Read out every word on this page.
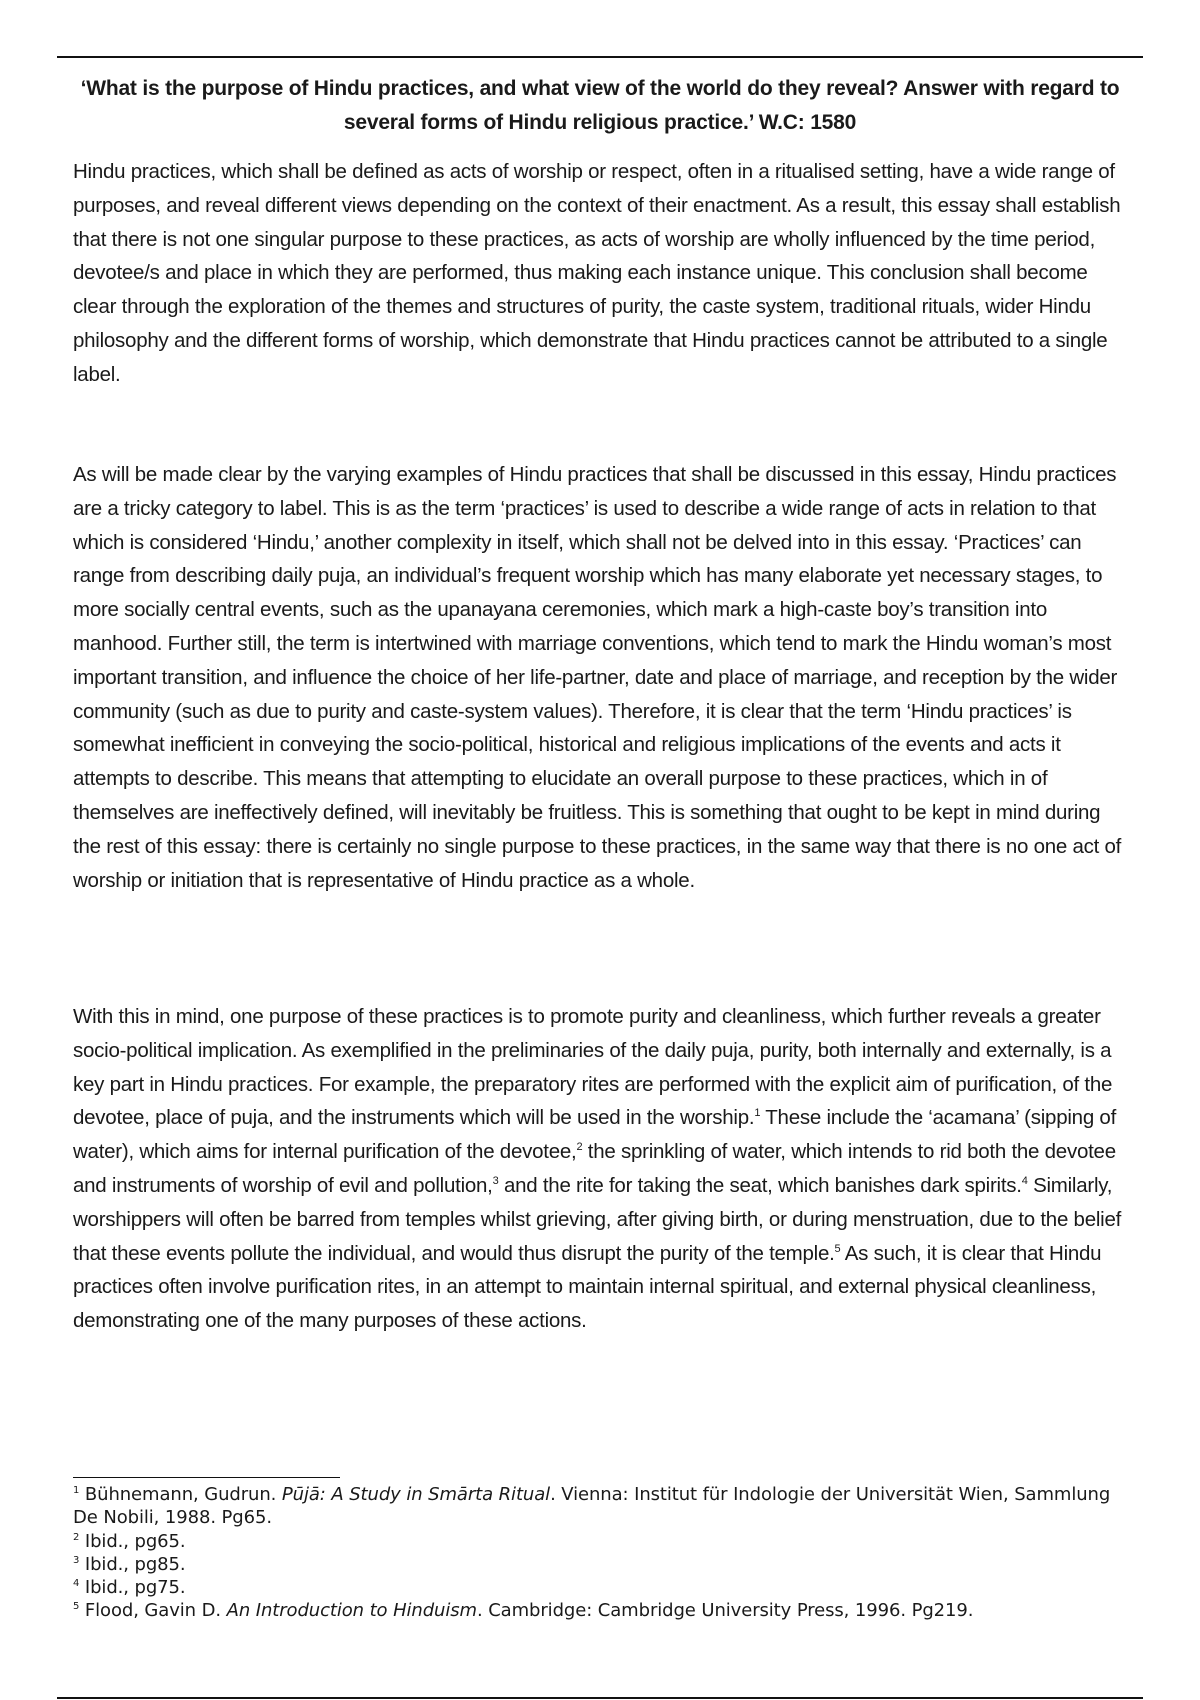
‘What is the purpose of Hindu practices, and what view of the world do they reveal? Answer with regard to several forms of Hindu religious practice.’ W.C: 1580

Hindu practices, which shall be defined as acts of worship or respect, often in a ritualised setting, have a wide range of purposes, and reveal different views depending on the context of their enactment. As a result, this essay shall establish that there is not one singular purpose to these practices, as acts of worship are wholly influenced by the time period, devotee/s and place in which they are performed, thus making each instance unique. This conclusion shall become clear through the exploration of the themes and structures of purity, the caste system, traditional rituals, wider Hindu philosophy and the different forms of worship, which demonstrate that Hindu practices cannot be attributed to a single label.

As will be made clear by the varying examples of Hindu practices that shall be discussed in this essay, Hindu practices are a tricky category to label. This is as the term ‘practices’ is used to describe a wide range of acts in relation to that which is considered ‘Hindu,’ another complexity in itself, which shall not be delved into in this essay. ‘Practices’ can range from describing daily puja, an individual’s frequent worship which has many elaborate yet necessary stages, to more socially central events, such as the upanayana ceremonies, which mark a high-caste boy’s transition into manhood. Further still, the term is intertwined with marriage conventions, which tend to mark the Hindu woman’s most important transition, and influence the choice of her life-partner, date and place of marriage, and reception by the wider community (such as due to purity and caste-system values). Therefore, it is clear that the term ‘Hindu practices’ is somewhat inefficient in conveying the socio-political, historical and religious implications of the events and acts it attempts to describe. This means that attempting to elucidate an overall purpose to these practices, which in of themselves are ineffectively defined, will inevitably be fruitless. This is something that ought to be kept in mind during the rest of this essay: there is certainly no single purpose to these practices, in the same way that there is no one act of worship or initiation that is representative of Hindu practice as a whole.

With this in mind, one purpose of these practices is to promote purity and cleanliness, which further reveals a greater socio-political implication. As exemplified in the preliminaries of the daily puja, purity, both internally and externally, is a key part in Hindu practices. For example, the preparatory rites are performed with the explicit aim of purification, of the devotee, place of puja, and the instruments which will be used in the worship.$^1$ These include the ‘acamana’ (sipping of water), which aims for internal purification of the devotee,$^2$ the sprinkling of water, which intends to rid both the devotee and instruments of worship of evil and pollution,$^3$ and the rite for taking the seat, which banishes dark spirits.$^4$ Similarly, worshippers will often be barred from temples whilst grieving, after giving birth, or during menstruation, due to the belief that these events pollute the individual, and would thus disrupt the purity of the temple.$^5$ As such, it is clear that Hindu practices often involve purification rites, in an attempt to maintain internal spiritual, and external physical cleanliness, demonstrating one of the many purposes of these actions.

$^1$ Bühnemann, Gudrun. Pūjā: A Study in Smārta Ritual. Vienna: Institut für Indologie der Universität Wien, Sammlung De Nobili, 1988. Pg65.

$^2$ Ibid., pg65.

$^3$ Ibid., pg85.

$^4$ Ibid., pg75.

$^5$ Flood, Gavin D. An Introduction to Hinduism. Cambridge: Cambridge University Press, 1996. Pg219.
